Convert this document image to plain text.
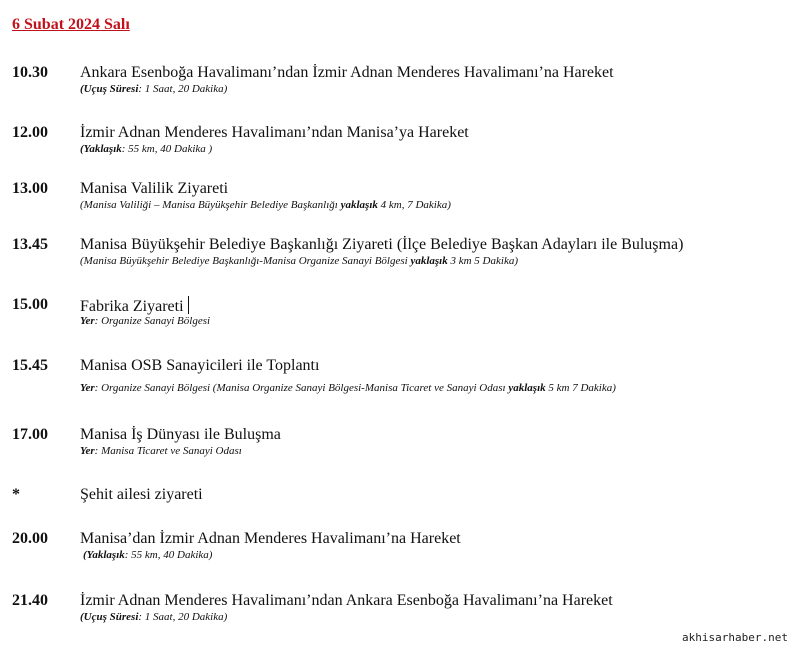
6 Subat 2024 Salı
10.30 Ankara Esenboğa Havalimanı’ndan İzmir Adnan Menderes Havalimanı’na Hareket
(Uçuş Süresi: 1 Saat, 20 Dakika)
12.00 İzmir Adnan Menderes Havalimanı’ndan Manisa’ya Hareket
(Yaklaşık: 55 km, 40 Dakika )
13.00 Manisa Valilik Ziyareti
(Manisa Valiliği – Manisa Büyükşehir Belediye Başkanlığı yaklaşık 4 km, 7 Dakika)
13.45 Manisa Büyükşehir Belediye Başkanlığı Ziyareti (İlçe Belediye Başkan Adayları ile Buluşma)
(Manisa Büyükşehir Belediye Başkanlığı-Manisa Organize Sanayi Bölgesi yaklaşık 3 km 5 Dakika)
15.00 Fabrika Ziyareti
Yer: Organize Sanayi Bölgesi
15.45 Manisa OSB Sanayicileri ile Toplantı
Yer: Organize Sanayi Bölgesi (Manisa Organize Sanayi Bölgesi-Manisa Ticaret ve Sanayi Odası yaklaşık 5 km 7 Dakika)
17.00 Manisa İş Dünyası ile Buluşma
Yer: Manisa Ticaret ve Sanayi Odası
*	Şehit ailesi ziyareti
20.00 Manisa’dan İzmir Adnan Menderes Havalimanı’na Hareket
(Yaklaşık: 55 km, 40 Dakika)
21.40 İzmir Adnan Menderes Havalimanı’ndan Ankara Esenboğa Havalimanı’na Hareket
(Uçuş Süresi: 1 Saat, 20 Dakika)
akhisarhaber.net
